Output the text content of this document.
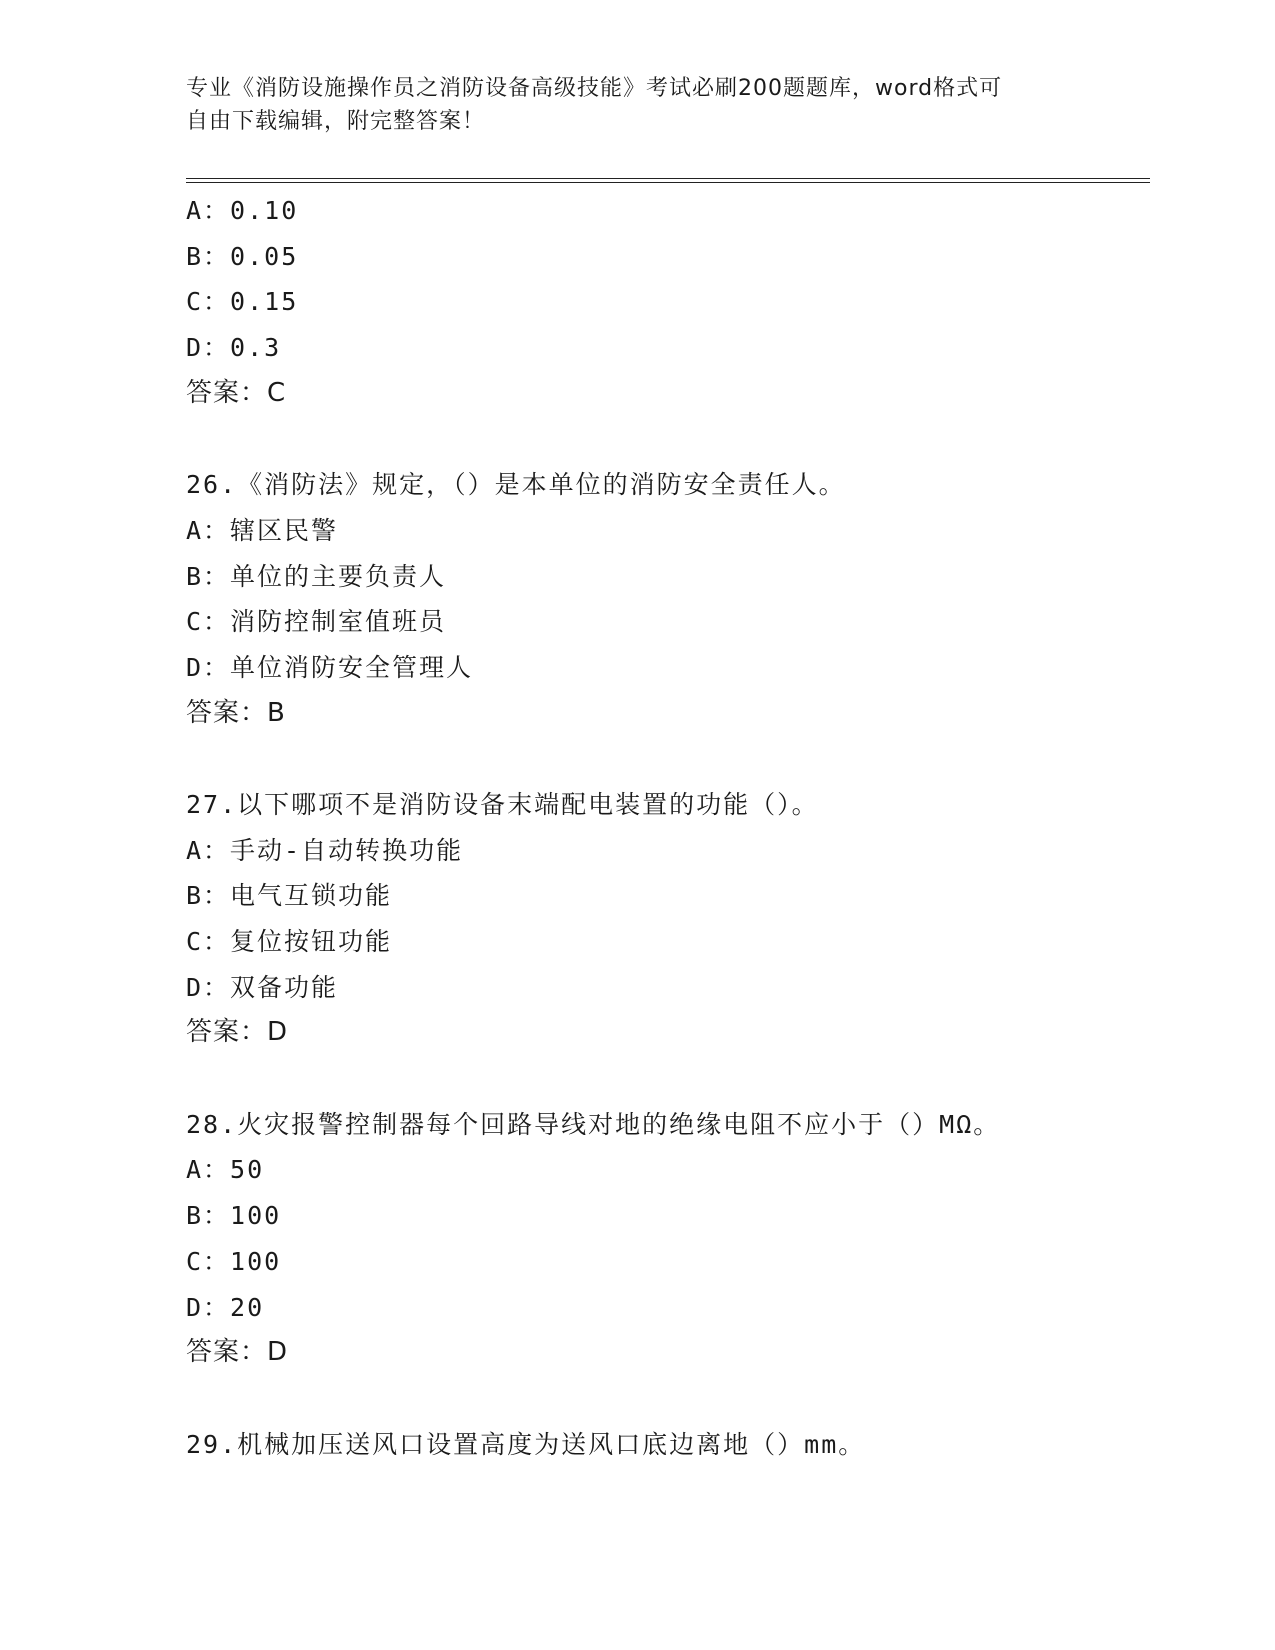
专业《消防设施操作员之消防设备高级技能》考试必刷200题题库，word格式可
自由下载编辑，附完整答案！
A：0.10
B：0.05
C：0.15
D：0.3
答案：C
26.《消防法》规定，（）是本单位的消防安全责任人。
A：辖区民警
B：单位的主要负责人
C：消防控制室值班员
D：单位消防安全管理人
答案：B
27.以下哪项不是消防设备末端配电装置的功能（）。
A：手动-自动转换功能
B：电气互锁功能
C：复位按钮功能
D：双备功能
答案：D
28.火灾报警控制器每个回路导线对地的绝缘电阻不应小于（）MΩ。
A：50
B：100
C：100
D：20
答案：D
29.机械加压送风口设置高度为送风口底边离地（）mm。
